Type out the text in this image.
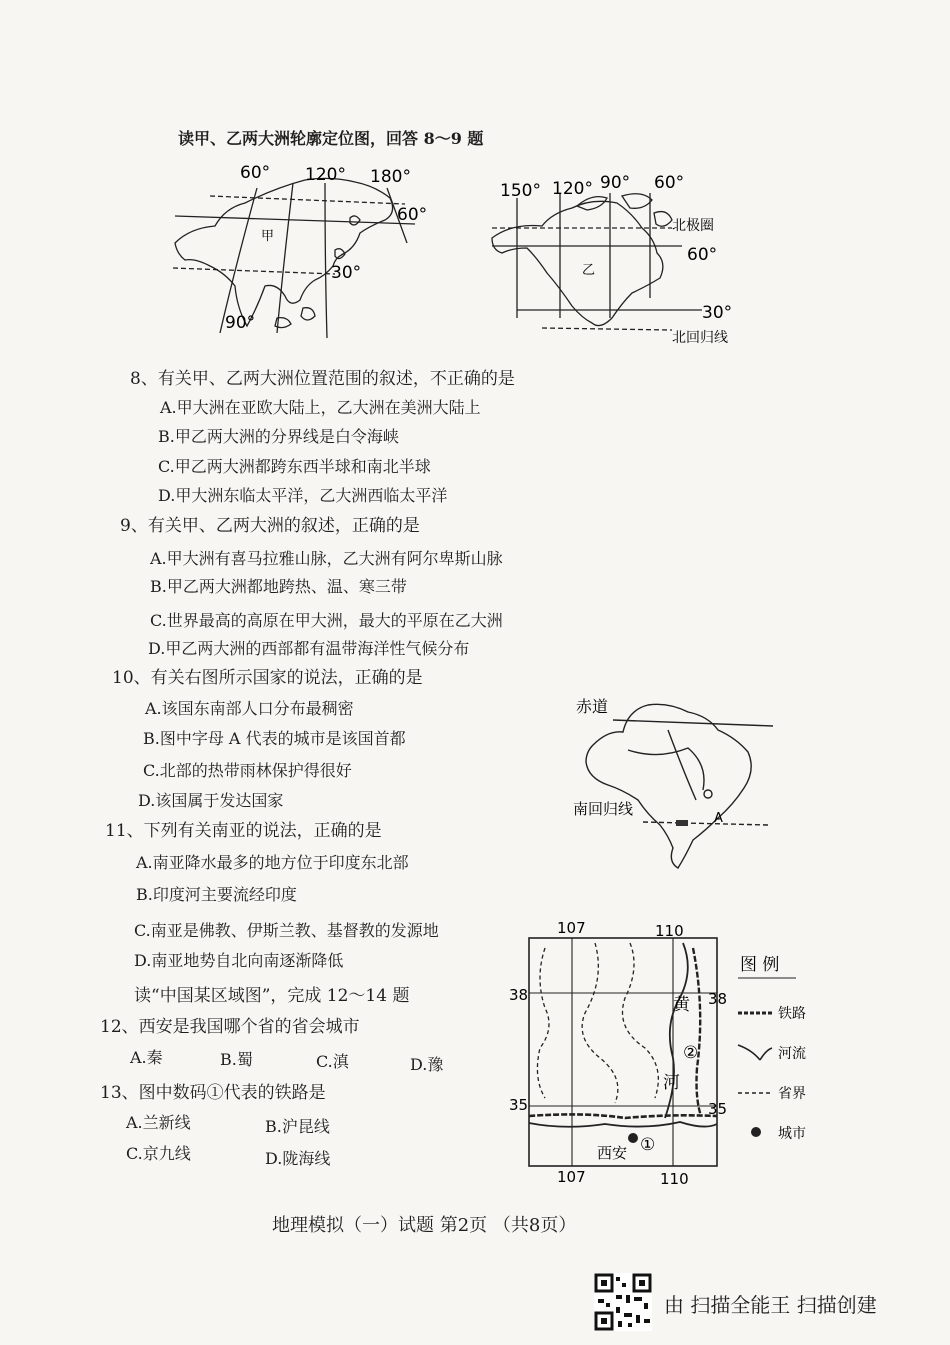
读甲、乙两大洲轮廓定位图，回答 8～9 题
60° 120° 180°
60°
30°
90°
甲
150° 120° 90° 60°
北极圈
60°
30°
北回归线
乙
8、有关甲、乙两大洲位置范围的叙述，不正确的是
A.甲大洲在亚欧大陆上，乙大洲在美洲大陆上
B.甲乙两大洲的分界线是白令海峡
C.甲乙两大洲都跨东西半球和南北半球
D.甲大洲东临太平洋，乙大洲西临太平洋
9、有关甲、乙两大洲的叙述，正确的是
A.甲大洲有喜马拉雅山脉，乙大洲有阿尔卑斯山脉
B.甲乙两大洲都地跨热、温、寒三带
C.世界最高的高原在甲大洲，最大的平原在乙大洲
D.甲乙两大洲的西部都有温带海洋性气候分布
10、有关右图所示国家的说法，正确的是
A.该国东南部人口分布最稠密
B.图中字母 A 代表的城市是该国首都
C.北部的热带雨林保护得很好
D.该国属于发达国家
赤道
南回归线
A
11、下列有关南亚的说法，正确的是
A.南亚降水最多的地方位于印度东北部
B.印度河主要流经印度
C.南亚是佛教、伊斯兰教、基督教的发源地
D.南亚地势自北向南逐渐降低
读“中国某区域图”，完成 12～14 题
12、西安是我国哪个省的省会城市
A.秦	B.蜀	C.滇	D.豫
13、图中数码①代表的铁路是
A.兰新线	B.沪昆线
C.京九线	D.陇海线
107	110
38	38
35	35
107	110
黄
河
②
西安 ①
图 例
铁路
河流
省界
城市
地理模拟（一）试题 第2页 （共8页）
由 扫描全能王 扫描创建
